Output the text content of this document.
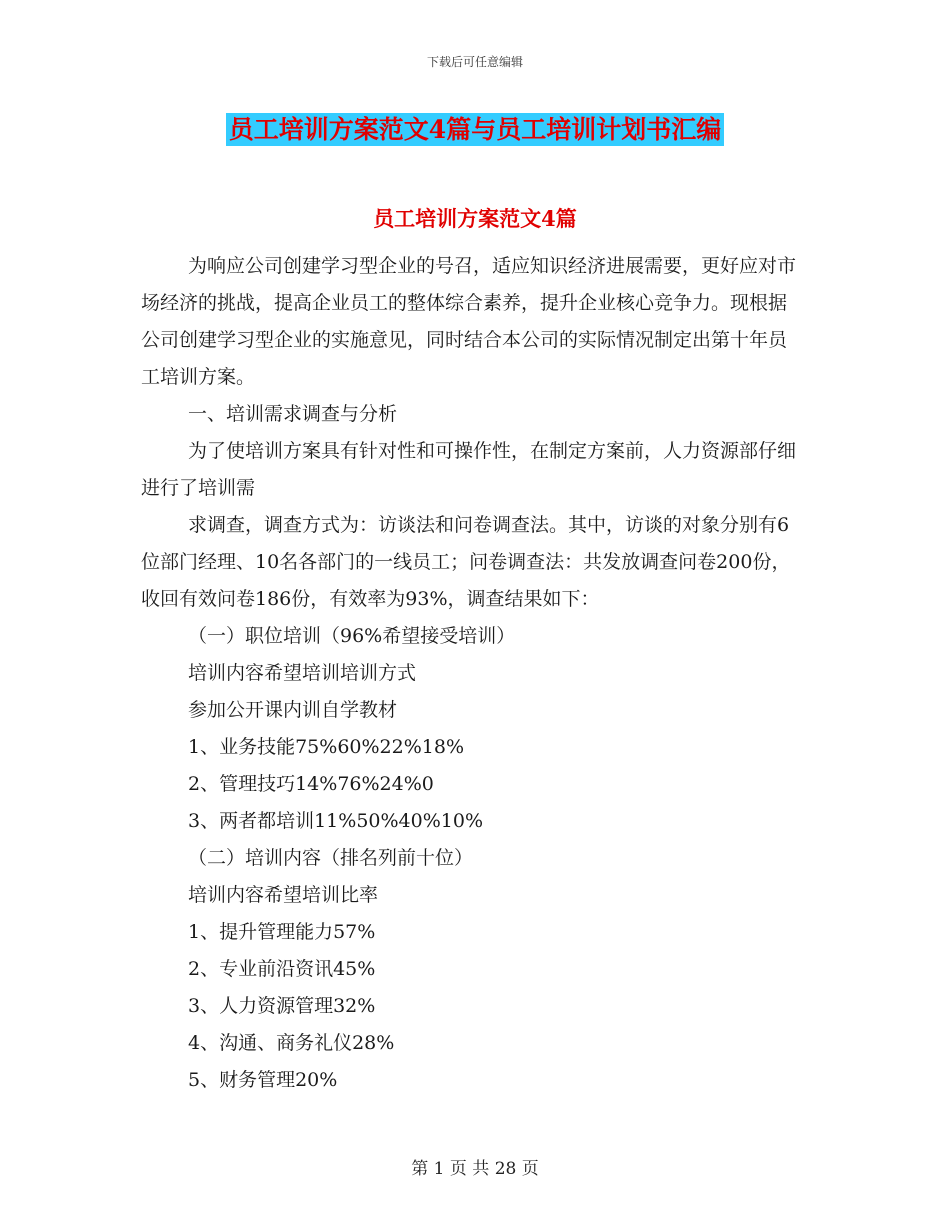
下载后可任意编辑
员工培训方案范文4篇与员工培训计划书汇编
员工培训方案范文4篇

为响应公司创建学习型企业的号召，适应知识经济进展需要，更好应对市场经济的挑战，提高企业员工的整体综合素养，提升企业核心竞争力。现根据公司创建学习型企业的实施意见，同时结合本公司的实际情况制定出第十年员工培训方案。

一、培训需求调查与分析

为了使培训方案具有针对性和可操作性，在制定方案前，人力资源部仔细进行了培训需

求调查，调查方式为：访谈法和问卷调查法。其中，访谈的对象分别有6位部门经理、10名各部门的一线员工；问卷调查法：共发放调查问卷200份，收回有效问卷186份，有效率为93%，调查结果如下：

（一）职位培训（96%希望接受培训）

培训内容希望培训培训方式

参加公开课内训自学教材

1、业务技能75%60%22%18%

2、管理技巧14%76%24%0

3、两者都培训11%50%40%10%

（二）培训内容（排名列前十位）

培训内容希望培训比率

1、提升管理能力57%

2、专业前沿资讯45%

3、人力资源管理32%

4、沟通、商务礼仪28%

5、财务管理20%

第 1 页 共 28 页
